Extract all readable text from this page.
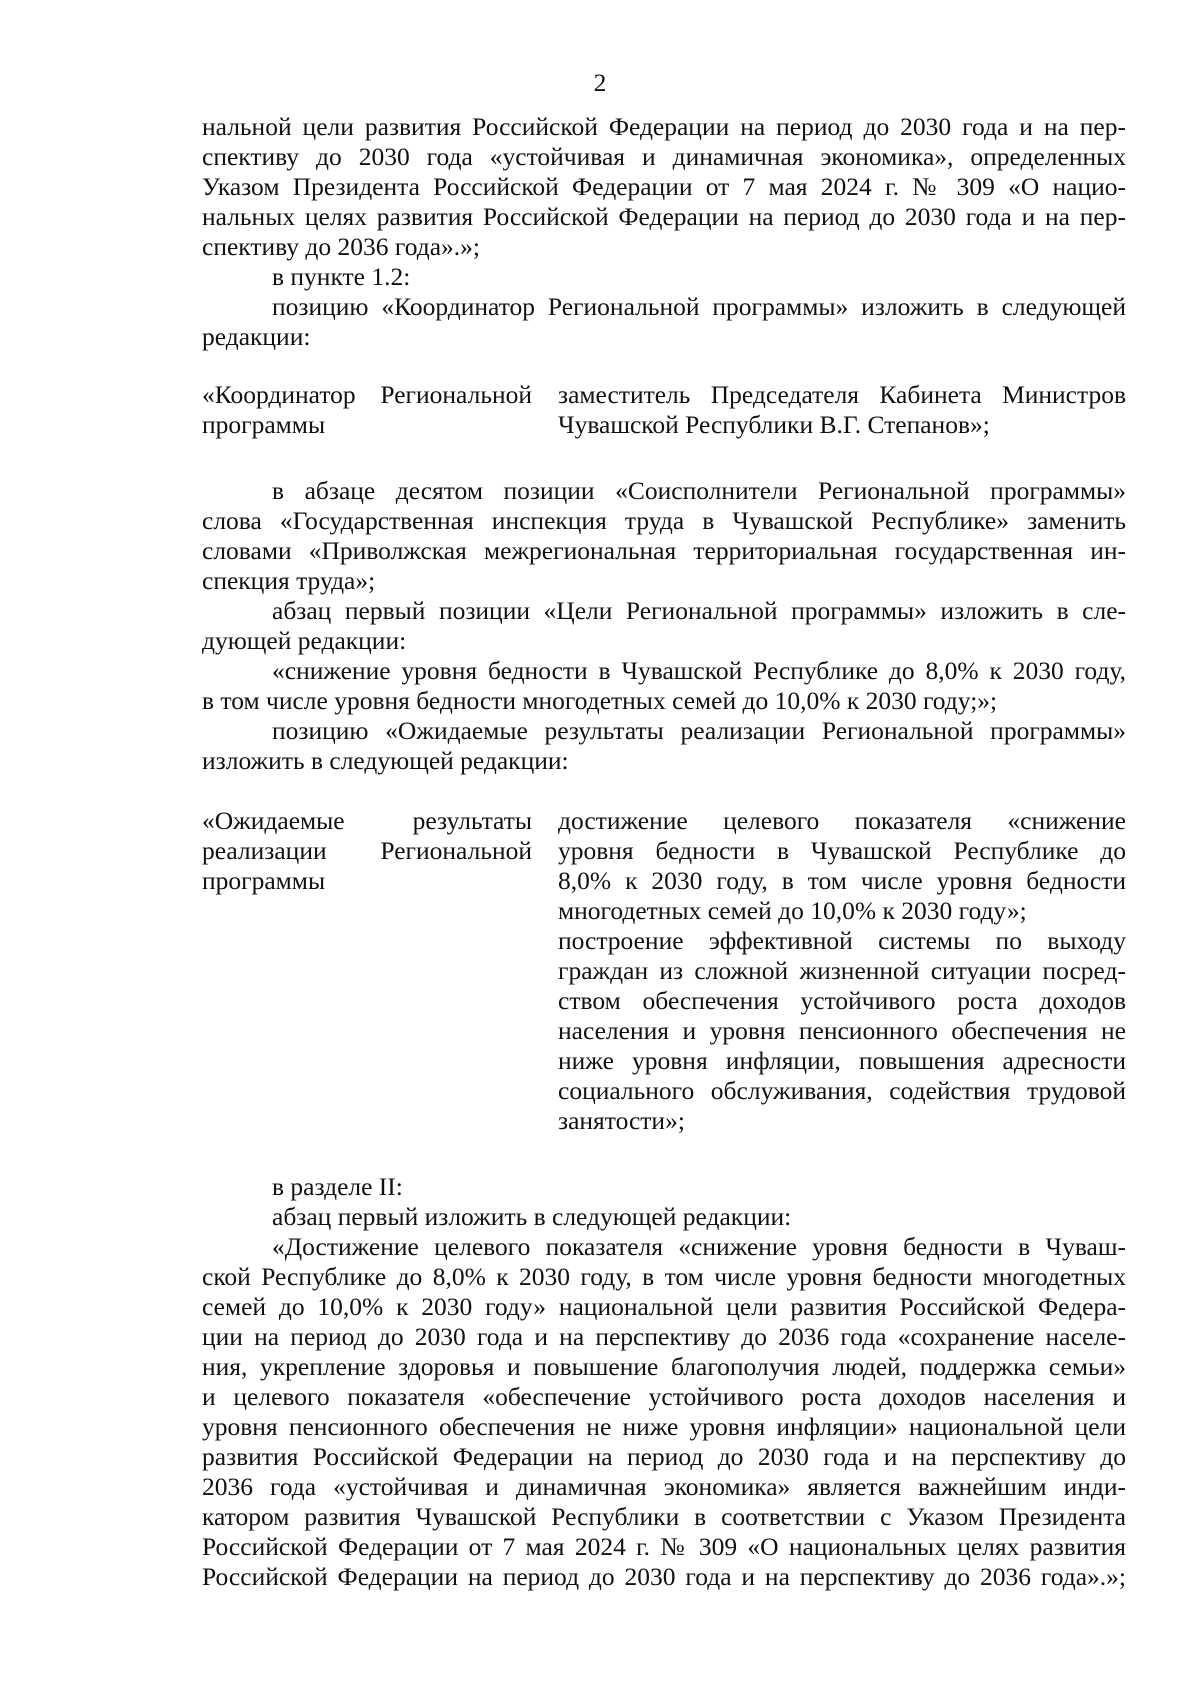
2
нальной цели развития Российской Федерации на период до 2030 года и на пер-
спективу до 2030 года «устойчивая и динамичная экономика», определенных
Указом Президента Российской Федерации от 7 мая 2024 г. № 309 «О нацио-
нальных целях развития Российской Федерации на период до 2030 года и на пер-
спективу до 2036 года».»;

в пункте 1.2:

позицию «Координатор Региональной программы» изложить в следующей
редакции:
«Координатор Региональной
программы
заместитель Председателя Кабинета Министров
Чувашской Республики В.Г. Степанов»;
в абзаце десятом позиции «Соисполнители Региональной программы»
слова «Государственная инспекция труда в Чувашской Республике» заменить
словами «Приволжская межрегиональная территориальная государственная ин-
спекция труда»;
абзац первый позиции «Цели Региональной программы» изложить в сле-
дующей редакции:
«снижение уровня бедности в Чувашской Республике до 8,0% к 2030 году,
в том числе уровня бедности многодетных семей до 10,0% к 2030 году;»;
позицию «Ожидаемые результаты реализации Региональной программы»
изложить в следующей редакции:
«Ожидаемые результаты
реализации Региональной
программы
достижение целевого показателя «снижение
уровня бедности в Чувашской Республике до
8,0% к 2030 году, в том числе уровня бедности
многодетных семей до 10,0% к 2030 году»;
построение эффективной системы по выходу
граждан из сложной жизненной ситуации посред-
ством обеспечения устойчивого роста доходов
населения и уровня пенсионного обеспечения не
ниже уровня инфляции, повышения адресности
социального обслуживания, содействия трудовой
занятости»;

в разделе II:

абзац первый изложить в следующей редакции:

«Достижение целевого показателя «снижение уровня бедности в Чуваш-
ской Республике до 8,0% к 2030 году, в том числе уровня бедности многодетных
семей до 10,0% к 2030 году» национальной цели развития Российской Федера-
ции на период до 2030 года и на перспективу до 2036 года «сохранение населе-
ния, укрепление здоровья и повышение благополучия людей, поддержка семьи»
и целевого показателя «обеспечение устойчивого роста доходов населения и
уровня пенсионного обеспечения не ниже уровня инфляции» национальной цели
развития Российской Федерации на период до 2030 года и на перспективу до
2036 года «устойчивая и динамичная экономика» является важнейшим инди-
катором развития Чувашской Республики в соответствии с Указом Президента
Российской Федерации от 7 мая 2024 г. № 309 «О национальных целях развития
Российской Федерации на период до 2030 года и на перспективу до 2036 года».»;
